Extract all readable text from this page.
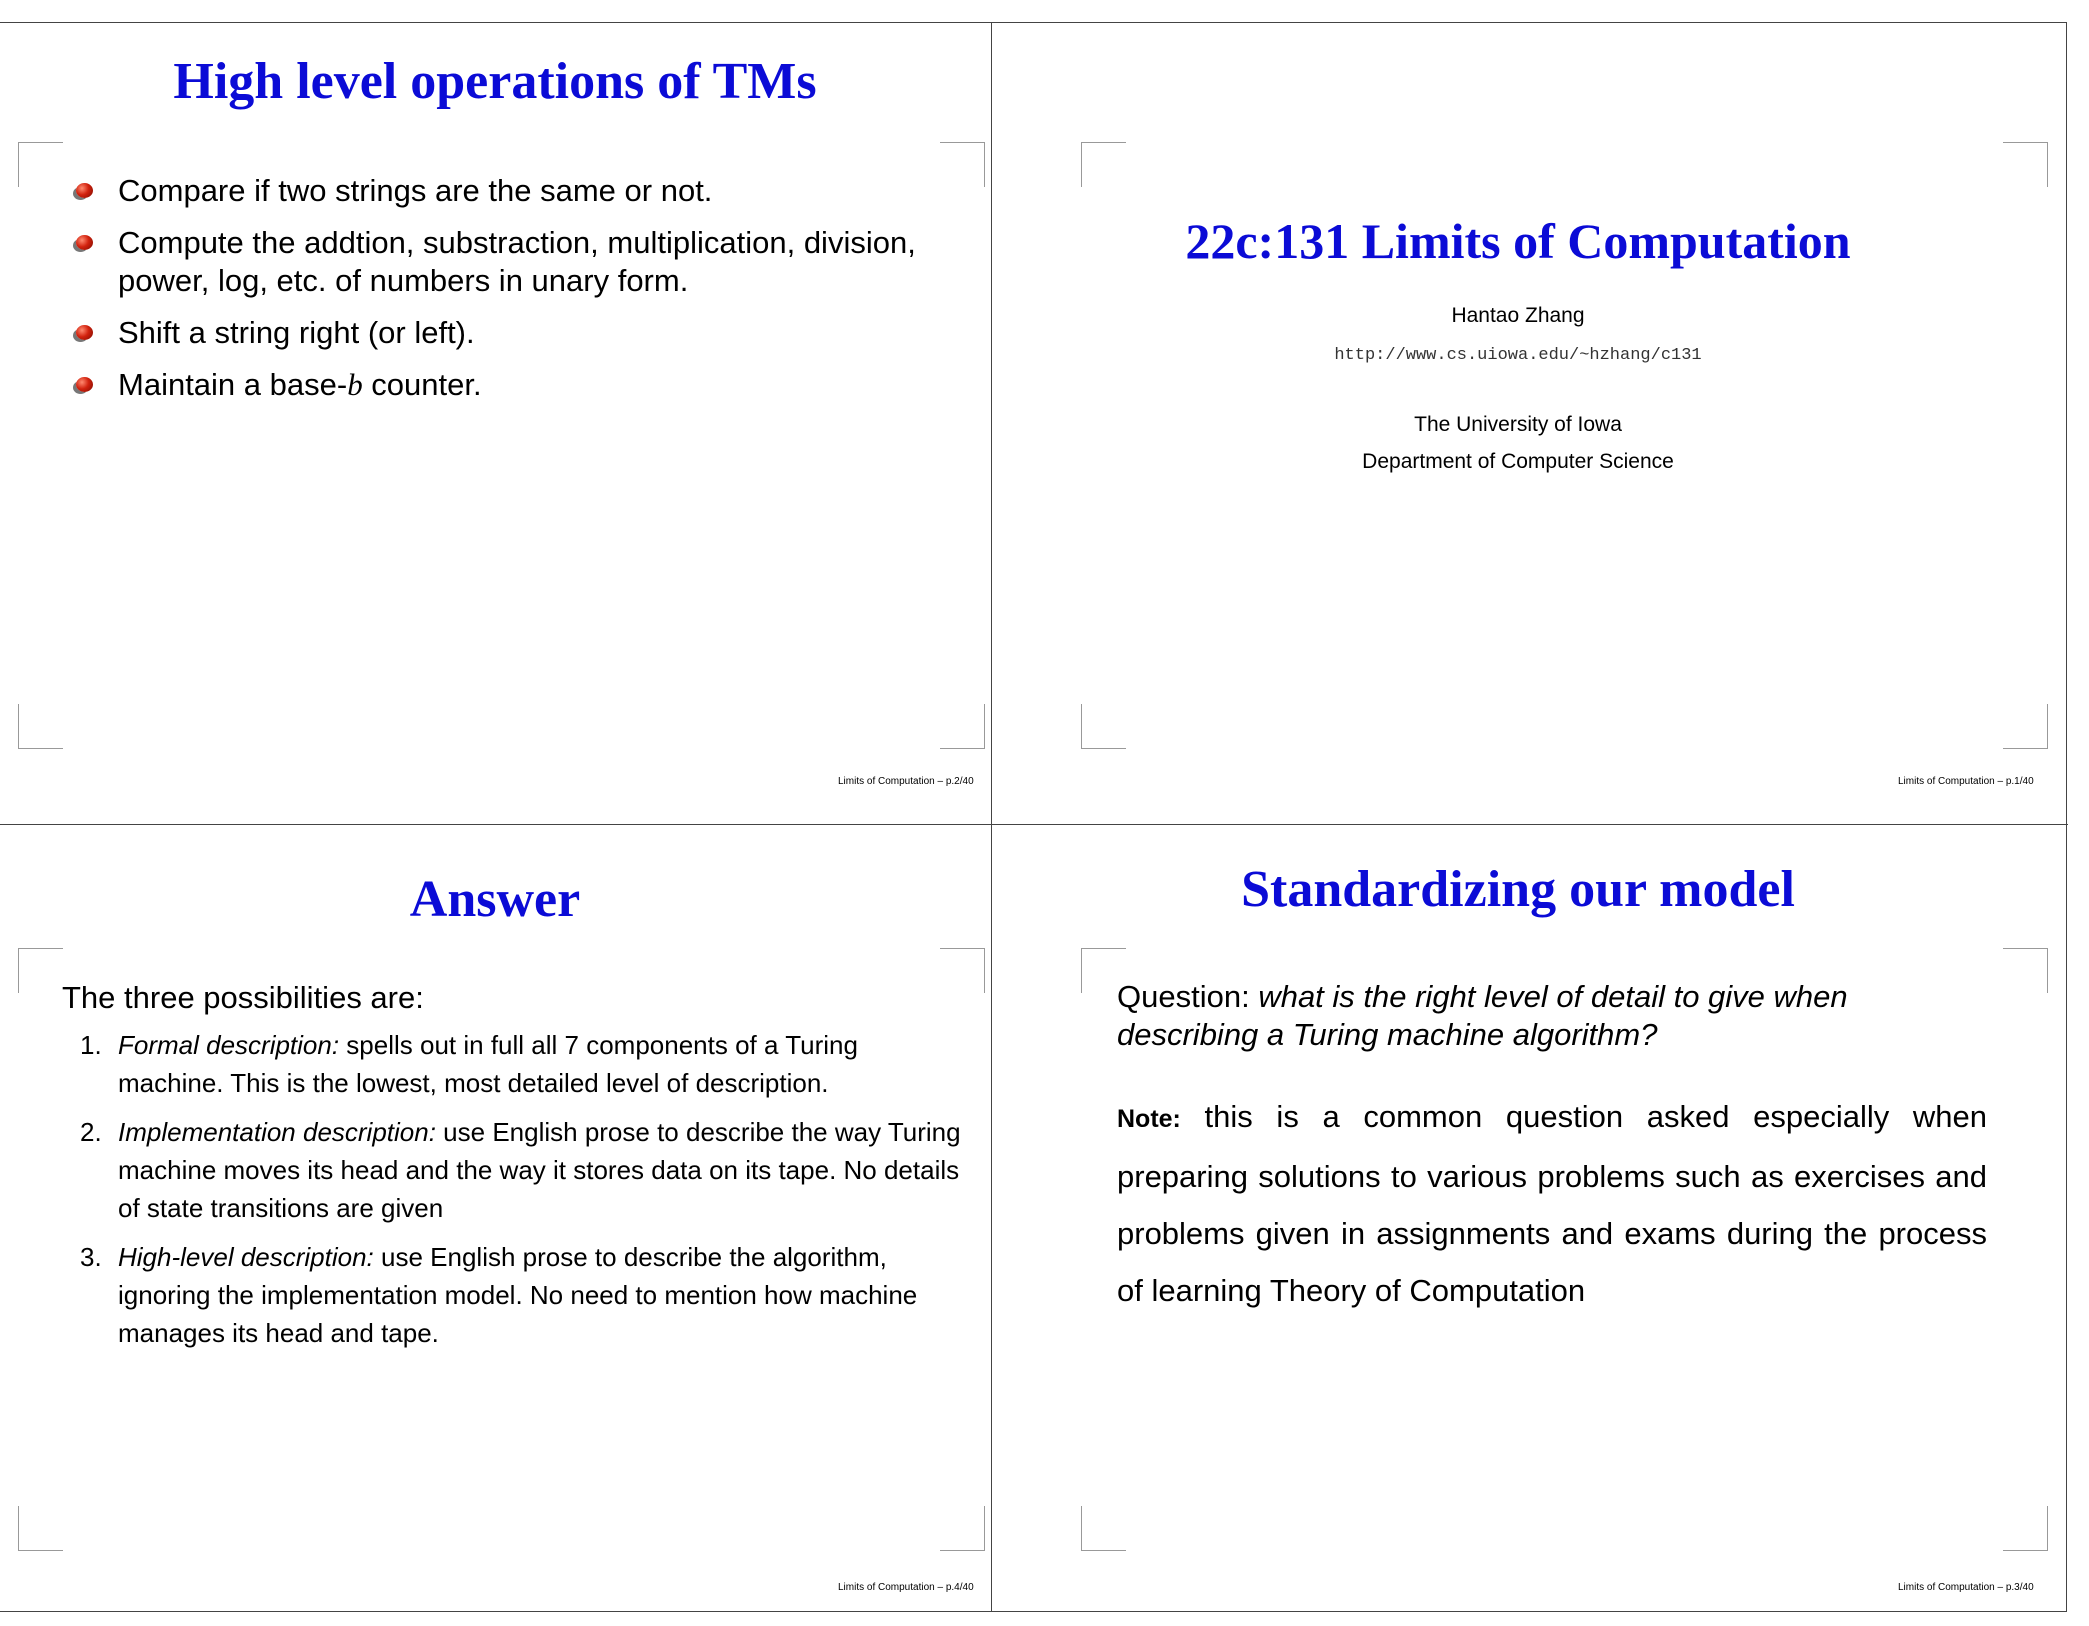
High level operations of TMs
Compare if two strings are the same or not.
Compute the addtion, substraction, multiplication, division, power, log, etc. of numbers in unary form.
Shift a string right (or left).
Maintain a base-b counter.
Limits of Computation – p.2/40
22c:131 Limits of Computation
Hantao Zhang
http://www.cs.uiowa.edu/~hzhang/c131
The University of Iowa
Department of Computer Science
Limits of Computation – p.1/40
Answer
The three possibilities are:
1. Formal description: spells out in full all 7 components of a Turing machine. This is the lowest, most detailed level of description.
2. Implementation description: use English prose to describe the way Turing machine moves its head and the way it stores data on its tape. No details of state transitions are given
3. High-level description: use English prose to describe the algorithm, ignoring the implementation model. No need to mention how machine manages its head and tape.
Limits of Computation – p.4/40
Standardizing our model
Question: what is the right level of detail to give when describing a Turing machine algorithm?
Note: this is a common question asked especially when preparing solutions to various problems such as exercises and problems given in assignments and exams during the process of learning Theory of Computation
Limits of Computation – p.3/40
